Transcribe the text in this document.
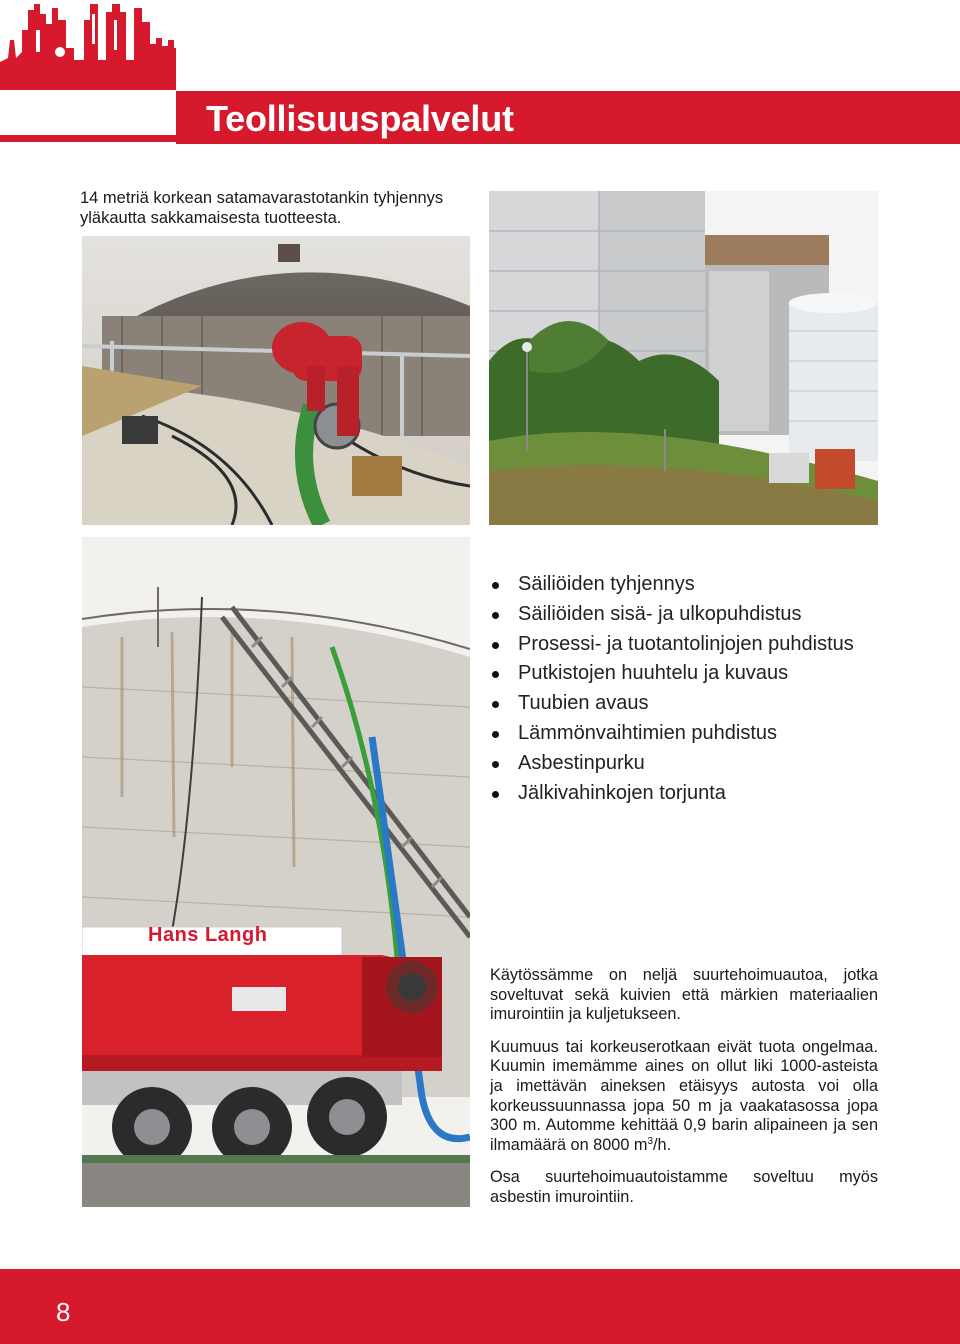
Teollisuuspalvelut
14 metriä korkean satamavarastotankin tyhjennys
yläkautta sakkamaisesta tuotteesta.
Hans Langh
Säiliöiden tyhjennys
Säiliöiden sisä- ja ulkopuhdistus
Prosessi- ja tuotantolinjojen puhdistus
Putkistojen huuhtelu ja kuvaus
Tuubien avaus
Lämmönvaihtimien puhdistus
Asbestinpurku
Jälkivahinkojen torjunta

Käytössämme on neljä suurtehoimuautoa, jotka soveltuvat sekä kuivien että märkien materiaalien imurointiin ja kuljetukseen.

Kuumuus tai korkeuserotkaan eivät tuota ongelmaa. Kuumin imemämme aines on ollut liki 1000-asteista ja imettävän aineksen etäisyys autosta voi olla korkeussuunnassa jopa 50 m ja vaakatasossa jopa 300 m. Automme kehittää 0,9 barin alipaineen ja sen ilmamäärä on 8000 $m^3/h$.

Osa suurtehoimuautoistamme soveltuu myös asbestin imurointiin.

8
